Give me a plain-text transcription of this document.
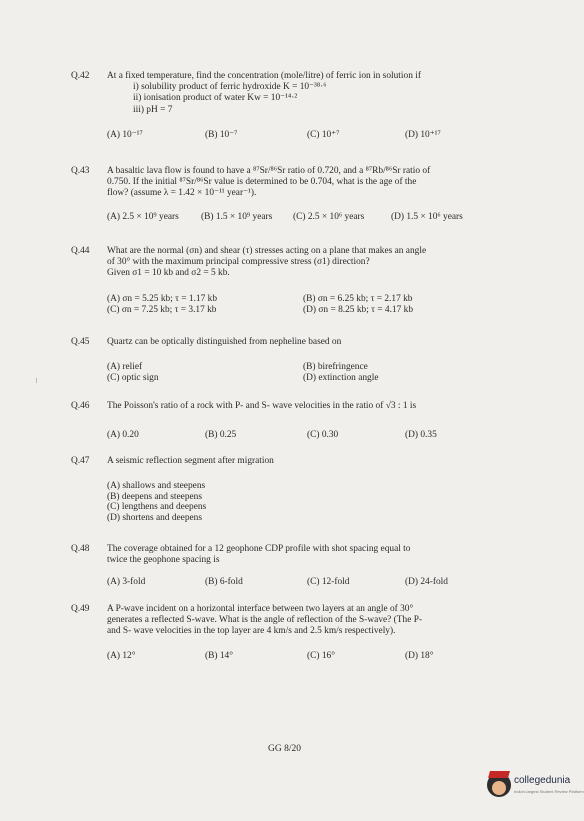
Q.42	At a fixed temperature, find the concentration (mole/litre) of ferric ion in solution if
i) solubility product of ferric hydroxide K = 10⁻³⁸·⁶
ii) ionisation product of water Kw = 10⁻¹⁴·²
iii) pH = 7
(A) 10⁻¹⁷	(B) 10⁻⁷	(C) 10⁺⁷	(D) 10⁺¹⁷
Q.43	A basaltic lava flow is found to have a ⁸⁷Sr/⁸⁶Sr ratio of 0.720, and a ⁸⁷Rb/⁸⁶Sr ratio of
0.750. If the initial ⁸⁷Sr/⁸⁶Sr value is determined to be 0.704, what is the age of the
flow? (assume λ = 1.42 × 10⁻¹¹ year⁻¹).
(A) 2.5 × 10⁹ years (B) 1.5 × 10⁹ years (C) 2.5 × 10⁶ years	(D) 1.5 × 10⁶ years
Q.44	What are the normal (σn) and shear (τ) stresses acting on a plane that makes an angle
of 30° with the maximum principal compressive stress (σ1) direction?
Given σ1 = 10 kb and σ2 = 5 kb.
(A) σn = 5.25 kb; τ = 1.17 kb	(B) σn = 6.25 kb; τ = 2.17 kb
(C) σn = 7.25 kb; τ = 3.17 kb	(D) σn = 8.25 kb; τ = 4.17 kb
Q.45	Quartz can be optically distinguished from nepheline based on
(A) relief	(B) birefringence
(C) optic sign	(D) extinction angle
Q.46	The Poisson's ratio of a rock with P- and S- wave velocities in the ratio of √3 : 1 is
(A) 0.20	(B) 0.25	(C) 0.30	(D) 0.35
Q.47	A seismic reflection segment after migration
(A) shallows and steepens
(B) deepens and steepens
(C) lengthens and deepens
(D) shortens and deepens
Q.48	The coverage obtained for a 12 geophone CDP profile with shot spacing equal to
twice the geophone spacing is
(A) 3-fold	(B) 6-fold	(C) 12-fold	(D) 24-fold
Q.49	A P-wave incident on a horizontal interface between two layers at an angle of 30°
generates a reflected S-wave. What is the angle of reflection of the S-wave? (The P-
and S- wave velocities in the top layer are 4 km/s and 2.5 km/s respectively).
(A) 12°	(B) 14°	(C) 16°	(D) 18°
GG 8/20
collegedunia
India's largest Student Review Platform
